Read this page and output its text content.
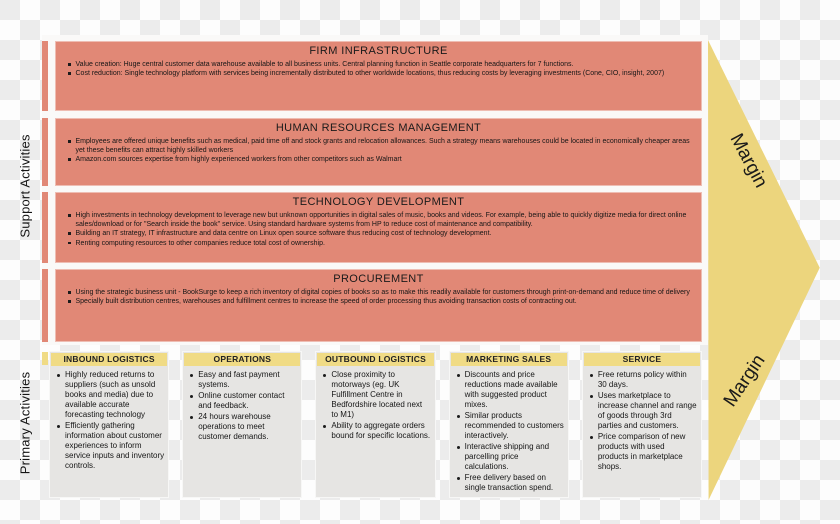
Support Activities
Primary Activities
FIRM INFRASTRUCTURE
Value creation: Huge central customer data warehouse available to all business units. Central planning function in Seattle corporate headquarters for 7 functions.
Cost reduction: Single technology platform with services being incrementally distributed to other worldwide locations, thus reducing costs by leveraging investments (Cone, CIO, insight, 2007)
HUMAN RESOURCES MANAGEMENT
Employees are offered unique benefits such as medical, paid time off and stock grants and relocation allowances. Such a strategy means warehouses could be located in economically cheaper areas yet these benefits can attract highly skilled workers
Amazon.com sources expertise from highly experienced workers from other competitors such as Walmart
TECHNOLOGY DEVELOPMENT
High investments in technology development to leverage new but unknown opportunities in digital sales of music, books and videos. For example, being able to quickly digitize media for direct online sales/download or for "Search inside the book" service. Using standard hardware systems from HP to reduce cost of maintenance and compatibility.
Building an IT strategy, IT infrastructure and data centre on Linux open source software thus reducing cost of technology development.
Renting computing resources to other companies reduce total cost of ownership.
PROCUREMENT
Using the strategic business unit - BookSurge to keep a rich inventory of digital copies of books so as to make this readily available for customers through print-on-demand and reduce time of delivery
Specially built distribution centres, warehouses and fulfillment centres to increase the speed of order processing thus avoiding transaction costs of contracting out.
INBOUND LOGISTICS
Highly reduced returns to suppliers (such as unsold books and media) due to available accurate forecasting technology
Efficiently gathering information about customer experiences to inform service inputs and inventory controls.
OPERATIONS
Easy and fast payment systems.
Online customer contact and feedback.
24 hours warehouse operations to meet customer demands.
OUTBOUND LOGISTICS
Close proximity to motorways (eg. UK Fulfillment Centre in Bedfordshire located next to M1)
Ability to aggregate orders bound for specific locations.
MARKETING SALES
Discounts and price reductions made available with suggested product mixes.
Similar products recommended to customers interactively.
Interactive shipping and parcelling price calculations.
Free delivery based on single transaction spend.
SERVICE
Free returns policy within 30 days.
Uses marketplace to increase channel and range of goods through 3rd parties and customers.
Price comparison of new products with used products in marketplace shops.
Margin
Margin
